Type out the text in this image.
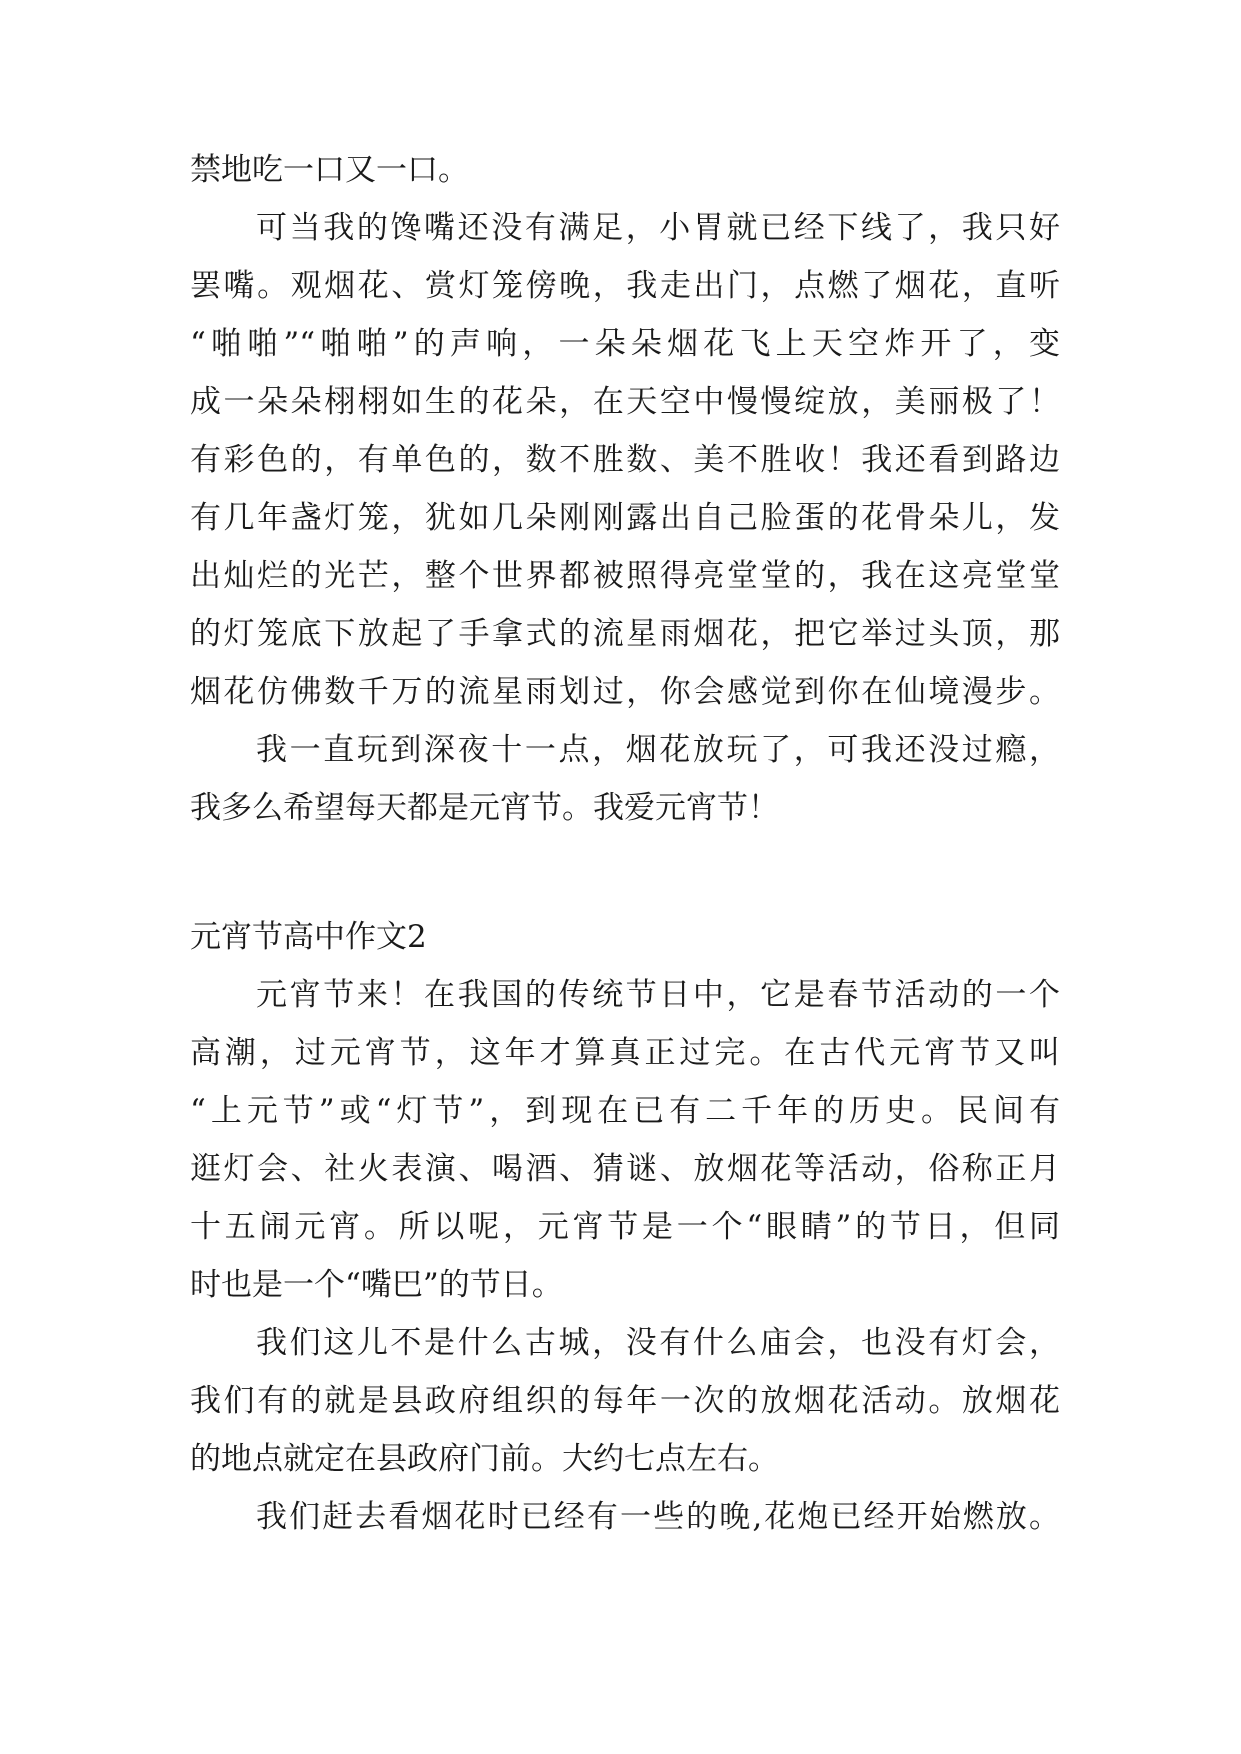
禁地吃一口又一口。
可当我的馋嘴还没有满足，小胃就已经下线了，我只好
罢嘴。观烟花、赏灯笼傍晚，我走出门，点燃了烟花，直听
“啪啪”“啪啪”的声响，一朵朵烟花飞上天空炸开了，变
成一朵朵栩栩如生的花朵，在天空中慢慢绽放，美丽极了！
有彩色的，有单色的，数不胜数、美不胜收！我还看到路边
有几年盏灯笼，犹如几朵刚刚露出自己脸蛋的花骨朵儿，发
出灿烂的光芒，整个世界都被照得亮堂堂的，我在这亮堂堂
的灯笼底下放起了手拿式的流星雨烟花，把它举过头顶，那
烟花仿佛数千万的流星雨划过，你会感觉到你在仙境漫步。
我一直玩到深夜十一点，烟花放玩了，可我还没过瘾，
我多么希望每天都是元宵节。我爱元宵节！
元宵节高中作文2
元宵节来！在我国的传统节日中，它是春节活动的一个
高潮，过元宵节，这年才算真正过完。在古代元宵节又叫
“上元节”或“灯节”，到现在已有二千年的历史。民间有
逛灯会、社火表演、喝酒、猜谜、放烟花等活动，俗称正月
十五闹元宵。所以呢，元宵节是一个“眼睛”的节日，但同
时也是一个“嘴巴”的节日。
我们这儿不是什么古城，没有什么庙会，也没有灯会，
我们有的就是县政府组织的每年一次的放烟花活动。放烟花
的地点就定在县政府门前。大约七点左右。
我们赶去看烟花时已经有一些的晚,花炮已经开始燃放。
